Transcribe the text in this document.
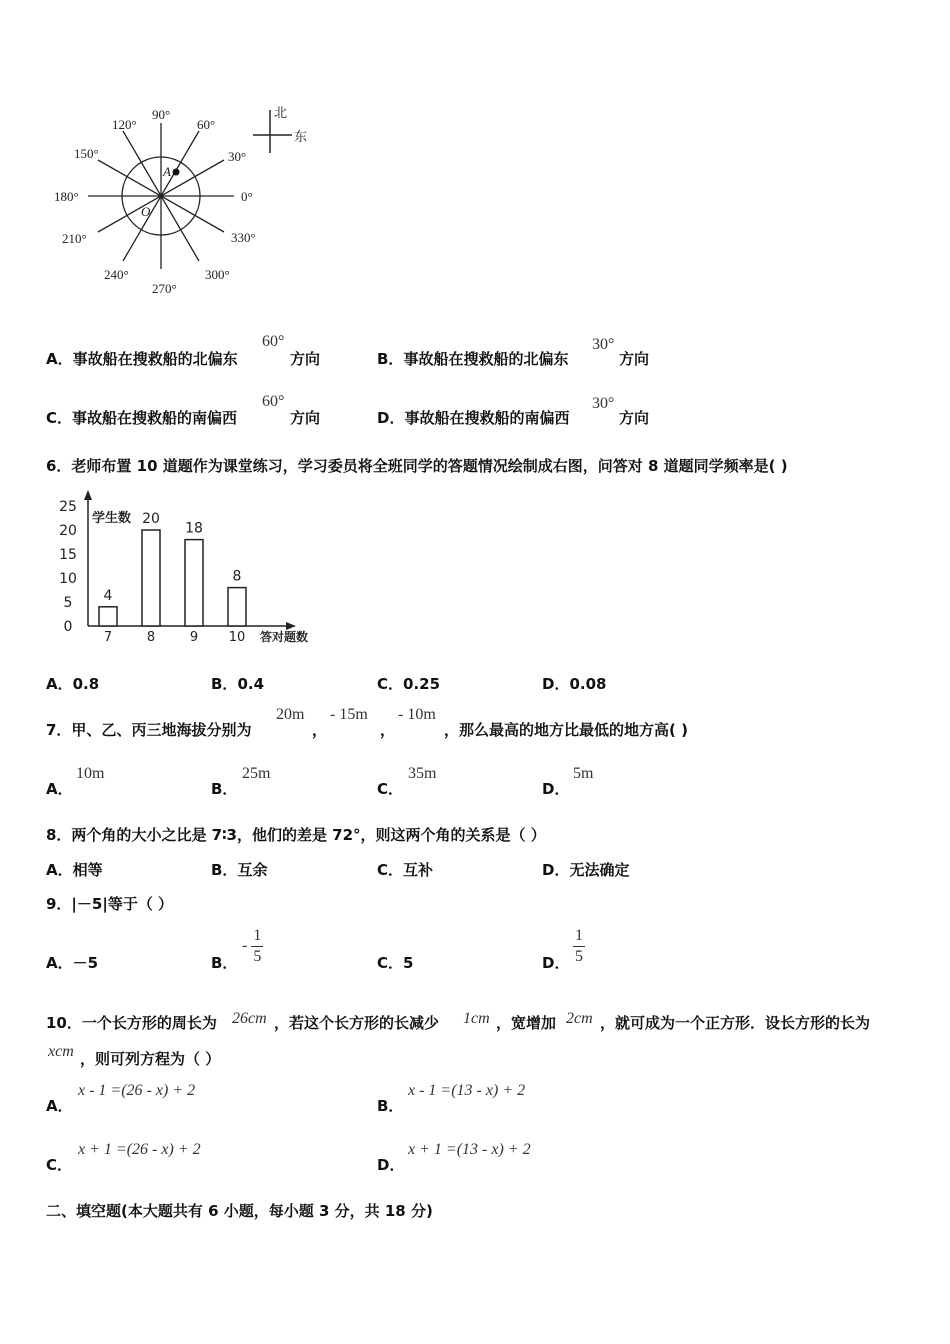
90°
60°
120°
30°
150°
0°
180°
330°
210°
300°
240°
270°
A
O
北
东
A．事故船在搜救船的北偏东
60°
方向	B．事故船在搜救船的北偏东
30°
方向
C．事故船在搜救船的南偏西
60°
方向	D．事故船在搜救船的南偏西
30°
方向
6．老师布置 10 道题作为课堂练习，学习委员将全班同学的答题情况绘制成右图，问答对 8 道题同学频率是( )
学生数
答对题数
0
5
10
15
20
25
4
7
20
8
18
9
8
10
A．0.8	B．0.4	C．0.25	D．0.08
7．甲、乙、丙三地海拔分别为
20m
，
- 15m
，
- 10m
，那么最高的地方比最低的地方高( )
A．
10m
B．
25m
C．
35m
D．
5m
8．两个角的大小之比是 7∶3，他们的差是 72°，则这两个角的关系是（ ）
A．相等	B．互余	C．互补	D．无法确定
9．|－5|等于（ ）
A．－5	B．
- $\frac{1}{5}$	C．5	D． $\frac{1}{5}$
10．一个长方形的周长为 26cm ，若这个长方形的长减少 1cm ，宽增加 2cm ，就可成为一个正方形．设长方形的长为
xcm ，则可列方程为（ ）
A．
x - 1 =(26 - x) + 2
B．
x - 1 =(13 - x) + 2
C．
x + 1 =(26 - x) + 2
D．
x + 1 =(13 - x) + 2
二、填空题(本大题共有 6 小题，每小题 3 分，共 18 分)
